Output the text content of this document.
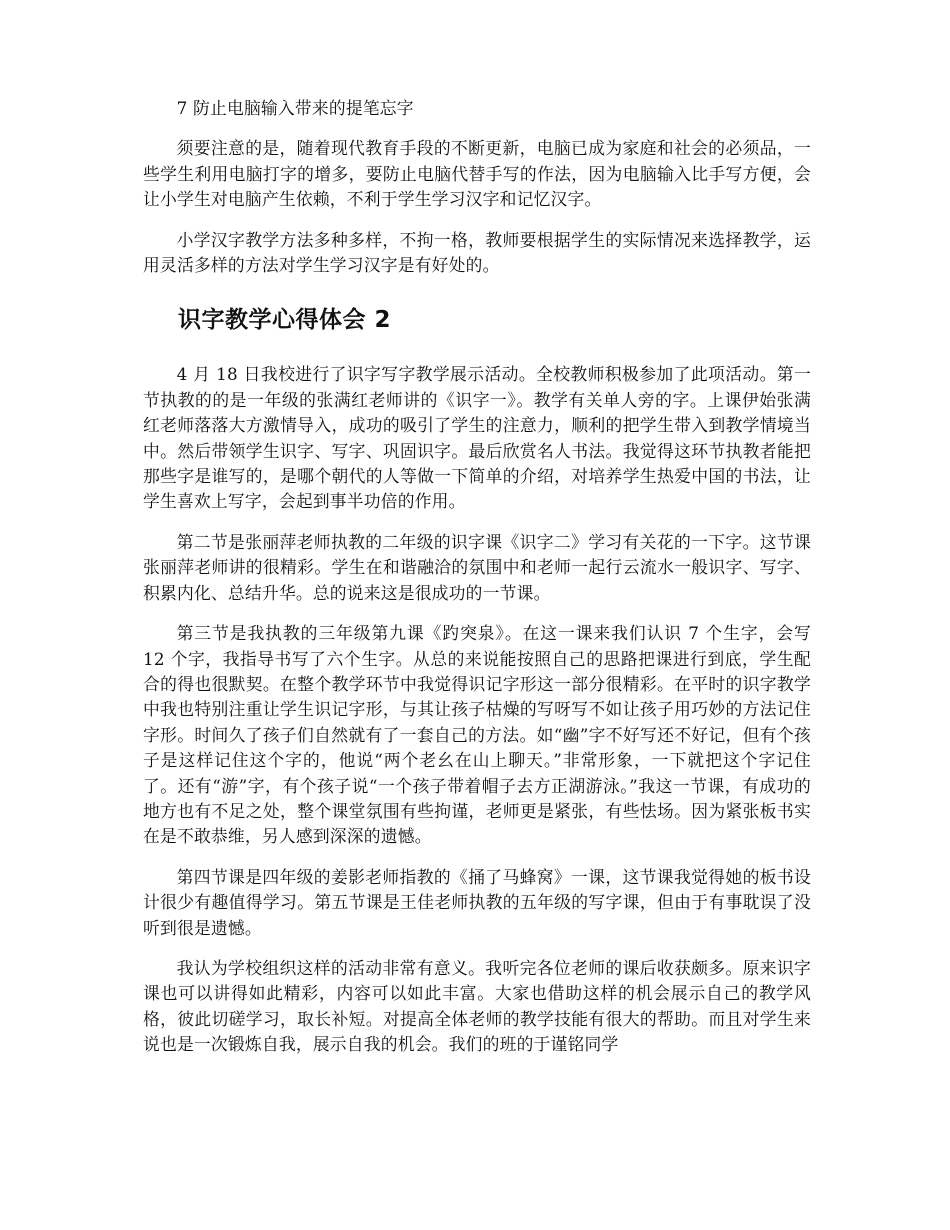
7 防止电脑输入带来的提笔忘字

须要注意的是，随着现代教育手段的不断更新，电脑已成为家庭和社会的必须品，一些学生利用电脑打字的增多，要防止电脑代替手写的作法，因为电脑输入比手写方便，会让小学生对电脑产生依赖，不利于学生学习汉字和记忆汉字。

小学汉字教学方法多种多样，不拘一格，教师要根据学生的实际情况来选择教学，运用灵活多样的方法对学生学习汉字是有好处的。

识字教学心得体会 2

4 月 18 日我校进行了识字写字教学展示活动。全校教师积极参加了此项活动。第一节执教的的是一年级的张满红老师讲的《识字一》。教学有关单人旁的字。上课伊始张满红老师落落大方激情导入，成功的吸引了学生的注意力，顺利的把学生带入到教学情境当中。然后带领学生识字、写字、巩固识字。最后欣赏名人书法。我觉得这环节执教者能把那些字是谁写的，是哪个朝代的人等做一下简单的介绍，对培养学生热爱中国的书法，让学生喜欢上写字，会起到事半功倍的作用。

第二节是张丽萍老师执教的二年级的识字课《识字二》学习有关花的一下字。这节课张丽萍老师讲的很精彩。学生在和谐融洽的氛围中和老师一起行云流水一般识字、写字、积累内化、总结升华。总的说来这是很成功的一节课。

第三节是我执教的三年级第九课《趵突泉》。在这一课来我们认识 7 个生字，会写 12 个字，我指导书写了六个生字。从总的来说能按照自己的思路把课进行到底，学生配合的得也很默契。在整个教学环节中我觉得识记字形这一部分很精彩。在平时的识字教学中我也特别注重让学生识记字形，与其让孩子枯燥的写呀写不如让孩子用巧妙的方法记住字形。时间久了孩子们自然就有了一套自己的方法。如“幽”字不好写还不好记，但有个孩子是这样记住这个字的，他说“两个老幺在山上聊天。”非常形象，一下就把这个字记住了。还有“游”字，有个孩子说“一个孩子带着帽子去方正湖游泳。”我这一节课，有成功的地方也有不足之处，整个课堂氛围有些拘谨，老师更是紧张，有些怯场。因为紧张板书实在是不敢恭维，另人感到深深的遗憾。

第四节课是四年级的姜影老师指教的《捅了马蜂窝》一课，这节课我觉得她的板书设计很少有趣值得学习。第五节课是王佳老师执教的五年级的写字课，但由于有事耽误了没听到很是遗憾。

我认为学校组织这样的活动非常有意义。我听完各位老师的课后收获颇多。原来识字课也可以讲得如此精彩，内容可以如此丰富。大家也借助这样的机会展示自己的教学风格，彼此切磋学习，取长补短。对提高全体老师的教学技能有很大的帮助。而且对学生来说也是一次锻炼自我，展示自我的机会。我们的班的于谨铭同学
